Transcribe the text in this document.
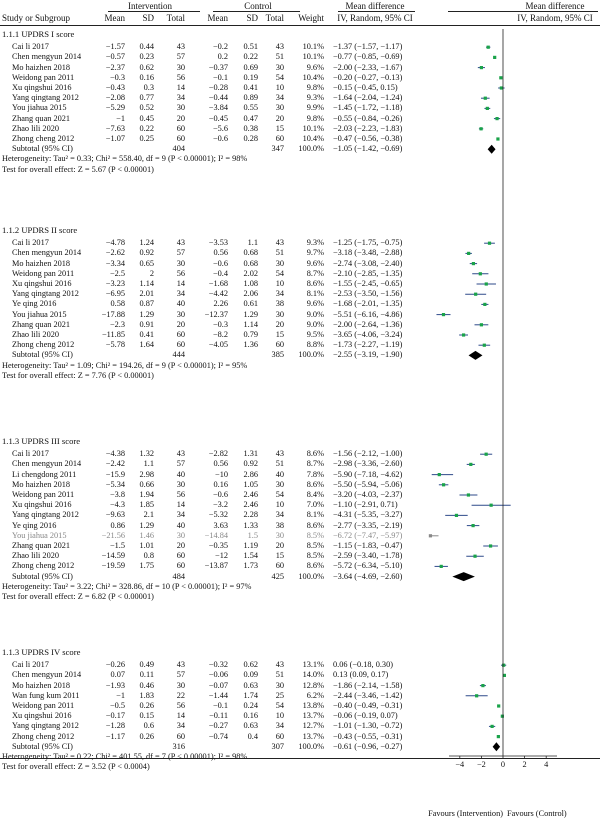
Intervention	Control	Mean difference	Mean difference
Study or Subgroup	Mean SD Total	Mean SD Total Weight IV, Random, 95% CI	IV, Random, 95% CI
1.1.1 UPDRS I score
Cai li 2017	−1.57 0.44	43	−0.2 0.51 43 10.1% −1.37 (−1.57, −1.17)
Chen mengyun 2014	−0.57 0.23	57	0.2 0.22 51 10.1% −0.77 (−0.85, −0.69)
Mo haizhen 2018	−2.37 0.62	30	−0.37 0.69 30	9.6% −2.00 (−2.33, −1.67)
Weidong pan 2011	−0.3 0.16	56	−0.1 0.19 54 10.4% −0.20 (−0.27, −0.13)
Xu qingshui 2016	−0.43 0.3	14	−0.28 0.41 10	9.8% −0.15 (−0.45, 0.15)
Yang qingtang 2012	−2.08 0.77	34	−0.44 0.89 34	9.3% −1.64 (−2.04, −1.24)
You jiahua 2015	−5.29 0.52	30	−3.84 0.55 30	9.9% −1.45 (−1.72, −1.18)
Zhang quan 2021	−1 0.45	20	−0.45 0.47 20	9.8% −0.55 (−0.84, −0.26)
Zhao lili 2020	−7.63 0.22	60	−5.6 0.38 15 10.1% −2.03 (−2.23, −1.83)
Zhong cheng 2012	−1.07 0.25	60	−0.6 0.28 60 10.4% −0.47 (−0.56, −0.38)
Subtotal (95% CI)	404	347 100.0% −1.05 (−1.42, −0.69)
Heterogeneity: Tau² = 0.33; Chi² = 558.40, df = 9 (P < 0.00001); I² = 98%
Test for overall effect: Z = 5.67 (P < 0.00001)
1.1.2 UPDRS II score
Cai li 2017	−4.78 1.24	43	−3.53 1.1 43	9.3% −1.25 (−1.75, −0.75)
Chen mengyun 2014	−2.62 0.92	57	0.56 0.68 51	9.7% −3.18 (−3.48, −2.88)
Mo haizhen 2018	−3.34 0.65	30	−0.6 0.68 30	9.6% −2.74 (−3.08, −2.40)
Weidong pan 2011	−2.5	2	56	−0.4 2.02 54	8.7% −2.10 (−2.85, −1.35)
Xu qingshui 2016	−3.23 1.14	14	−1.68 1.08 10	8.6% −1.55 (−2.45, −0.65)
Yang qingtang 2012	−6.95 2.01	34	−4.42 2.06 34	8.1% −2.53 (−3.50, −1.56)
Ye qing 2016	0.58 0.87	40	2.26 0.61 38	9.6% −1.68 (−2.01, −1.35)
You jiahua 2015	−17.88 1.29	30 −12.37 1.29 30	9.0% −5.51 (−6.16, −4.86)
Zhang quan 2021	−2.3 0.91	20	−0.3 1.14 20	9.0% −2.00 (−2.64, −1.36)
Zhao lili 2020	−11.85 0.41	60	−8.2 0.79 15	9.5% −3.65 (−4.06, −3.24)
Zhong cheng 2012	−5.78 1.64	60	−4.05 1.36 60	8.8% −1.73 (−2.27, −1.19)
Subtotal (95% CI)	444	385 100.0% −2.55 (−3.19, −1.90)
Heterogeneity: Tau² = 1.09; Chi² = 194.26, df = 9 (P < 0.00001); I² = 95%
Test for overall effect: Z = 7.76 (P < 0.00001)
1.1.3 UPDRS III score
Cai li 2017	−4.38 1.32	43	−2.82 1.31 43	8.6% −1.56 (−2.12, −1.00)
Chen mengyun 2014	−2.42 1.1	57	0.56 0.92 51	8.7% −2.98 (−3.36, −2.60)
Li chengdong 2011	−15.9 2.98	40	−10 2.86 40	7.8% −5.90 (−7.18, −4.62)
Mo haizhen 2018	−5.34 0.66	30	0.16 1.05 30	8.6% −5.50 (−5.94, −5.06)
Weidong pan 2011	−3.8 1.94	56	−0.6 2.46 54	8.4% −3.20 (−4.03, −2.37)
Xu qingshui 2016	−4.3 1.85	14	−3.2 2.46 10	7.0% −1.10 (−2.91, 0.71)
Yang qingtang 2012	−9.63 2.1	34	−5.32 2.28 34	8.1% −4.31 (−5.35, −3.27)
Ye qing 2016	0.86 1.29	40	3.63 1.33 38	8.6% −2.77 (−3.35, −2.19)
You jiahua 2015	−21.56 1.46	30 −14.84 1.5 30	8.5% −6.72 (−7.47, −5.97)
Zhang quan 2021	−1.5 1.01	20	−0.35 1.19 20	8.5% −1.15 (−1.83, −0.47)
Zhao lili 2020	−14.59 0.8	60	−12 1.54 15	8.5% −2.59 (−3.40, −1.78)
Zhong cheng 2012	−19.59 1.75	60 −13.87 1.73 60	8.6% −5.72 (−6.34, −5.10)
Subtotal (95% CI)	484	425 100.0% −3.64 (−4.69, −2.60)
Heterogeneity: Tau² = 3.22; Chi² = 328.86, df = 10 (P < 0.00001); I² = 97%
Test for overall effect: Z = 6.82 (P < 0.00001)
1.1.3 UPDRS IV score
Cai li 2017	−0.26 0.49	43	−0.32 0.62 43 13.1% 0.06 (−0.18, 0.30)
Chen mengyun 2014	0.07 0.11	57	−0.06 0.09 51 14.0% 0.13 (0.09, 0.17)
Mo haizhen 2018	−1.93 0.46	30	−0.07 0.63 30 12.8% −1.86 (−2.14, −1.58)
Wan fung kum 2011	−1 1.83	22	−1.44 1.74 25	6.2% −2.44 (−3.46, −1.42)
Weidong pan 2011	−0.5 0.26	56	−0.1 0.24 54 13.8% −0.40 (−0.49, −0.31)
Xu qingshui 2016	−0.17 0.15	14	−0.11 0.16 10 13.7% −0.06 (−0.19, 0.07)
Yang qingtang 2012	−1.28 0.6	34	−0.27 0.63 34 12.7% −1.01 (−1.30, −0.72)
Zhong cheng 2012	−1.17 0.26	60	−0.74 0.4 60 13.7% −0.43 (−0.55, −0.31)
Subtotal (95% CI)	316	307 100.0% −0.61 (−0.96, −0.27)
Heterogeneity: Tau² = 0.22; Chi² = 401.55, df = 7 (P < 0.00001); I² = 98%
Test for overall effect: Z = 3.52 (P < 0.0004)	−4	−2	0	2	4
Favours (Intervention) Favours (Control)
